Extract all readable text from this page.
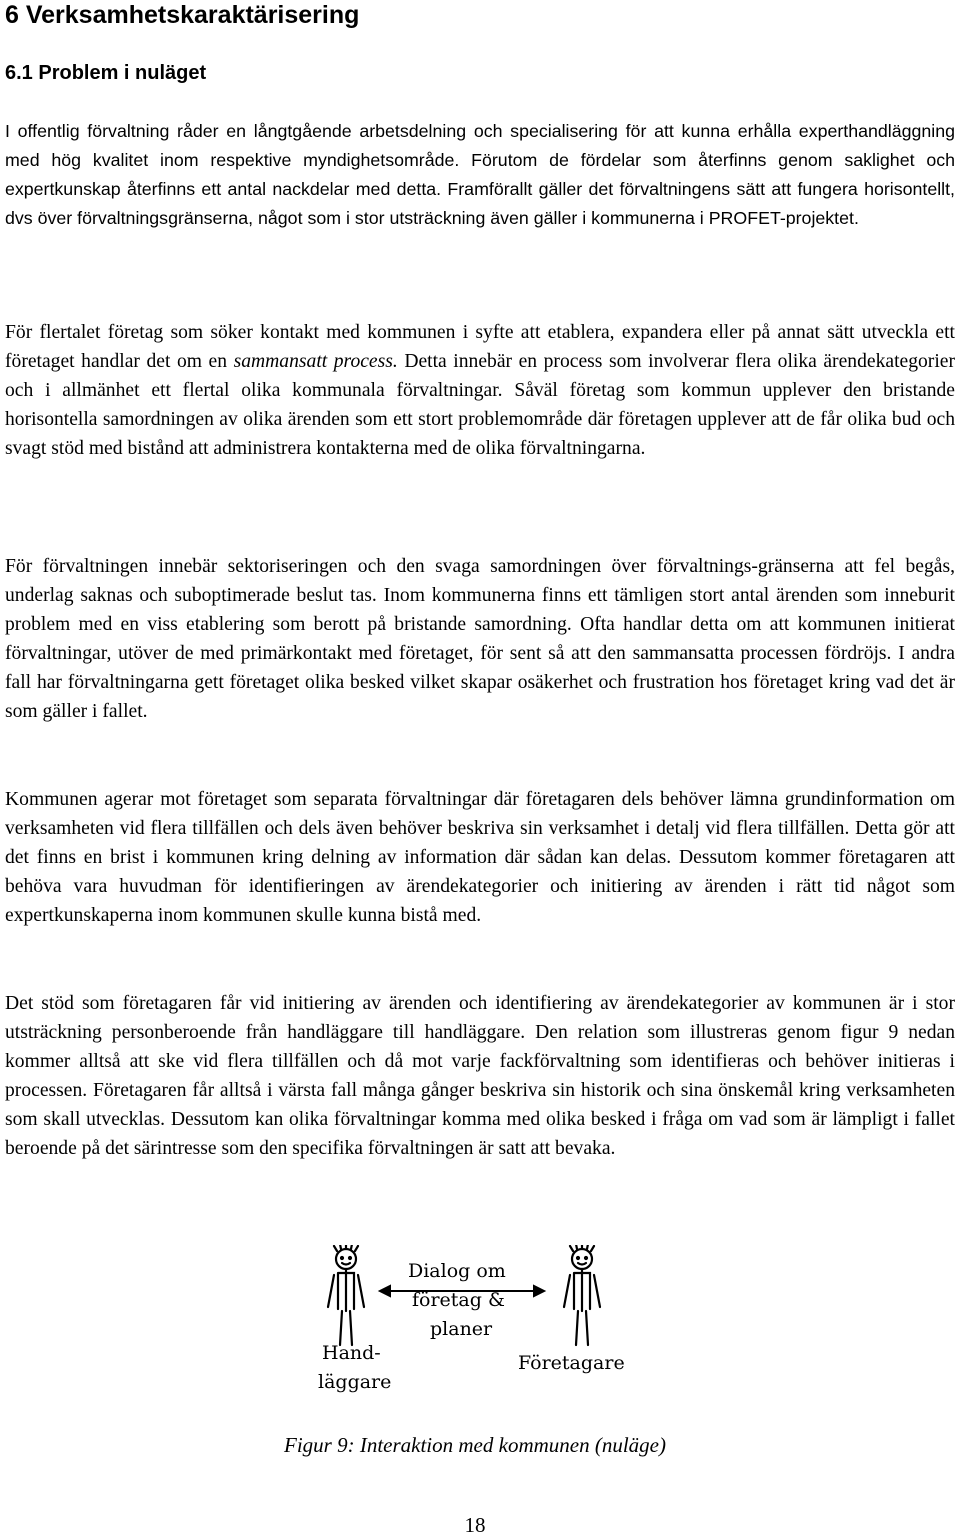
6 Verksamhetskaraktärisering
6.1 Problem i nuläget

I offentlig förvaltning råder en långtgående arbetsdelning och specialisering för att kunna erhålla experthandläggning med hög kvalitet inom respektive myndighetsområde. Förutom de fördelar som återfinns genom saklighet och expertkunskap återfinns ett antal nackdelar med detta. Framförallt gäller det förvaltningens sätt att fungera horisontellt, dvs över förvaltningsgränserna, något som i stor utsträckning även gäller i kommunerna i PROFET-projektet.

För flertalet företag som söker kontakt med kommunen i syfte att etablera, expandera eller på annat sätt utveckla ett företaget handlar det om en sammansatt process. Detta innebär en process som involverar flera olika ärendekategorier och i allmänhet ett flertal olika kommunala förvaltningar. Såväl företag som kommun upplever den bristande horisontella samordningen av olika ärenden som ett stort problemområde där företagen upplever att de får olika bud och svagt stöd med bistånd att administrera kontakterna med de olika förvaltningarna.

För förvaltningen innebär sektoriseringen och den svaga samordningen över förvaltnings-gränserna att fel begås, underlag saknas och suboptimerade beslut tas. Inom kommunerna finns ett tämligen stort antal ärenden som inneburit problem med en viss etablering som berott på bristande samordning. Ofta handlar detta om att kommunen initierat förvaltningar, utöver de med primärkontakt med företaget, för sent så att den sammansatta processen fördröjs. I andra fall har förvaltningarna gett företaget olika besked vilket skapar osäkerhet och frustration hos företaget kring vad det är som gäller i fallet.

Kommunen agerar mot företaget som separata förvaltningar där företagaren dels behöver lämna grundinformation om verksamheten vid flera tillfällen och dels även behöver beskriva sin verksamhet i detalj vid flera tillfällen. Detta gör att det finns en brist i kommunen kring delning av information där sådan kan delas. Dessutom kommer företagaren att behöva vara huvudman för identifieringen av ärendekategorier och initiering av ärenden i rätt tid något som expertkunskaperna inom kommunen skulle kunna bistå med.

Det stöd som företagaren får vid initiering av ärenden och identifiering av ärendekategorier av kommunen är i stor utsträckning personberoende från handläggare till handläggare. Den relation som illustreras genom figur 9 nedan kommer alltså att ske vid flera tillfällen och då mot varje fackförvaltning som identifieras och behöver initieras i processen. Företagaren får alltså i värsta fall många gånger beskriva sin historik och sina önskemål kring verksamheten som skall utvecklas. Dessutom kan olika förvaltningar komma med olika besked i fråga om vad som är lämpligt i fallet beroende på det särintresse som den specifika förvaltningen är satt att bevaka.

Dialog om
företag &
planer
Hand-
läggare
Företagare
Figur 9: Interaktion med kommunen (nuläge)
18
